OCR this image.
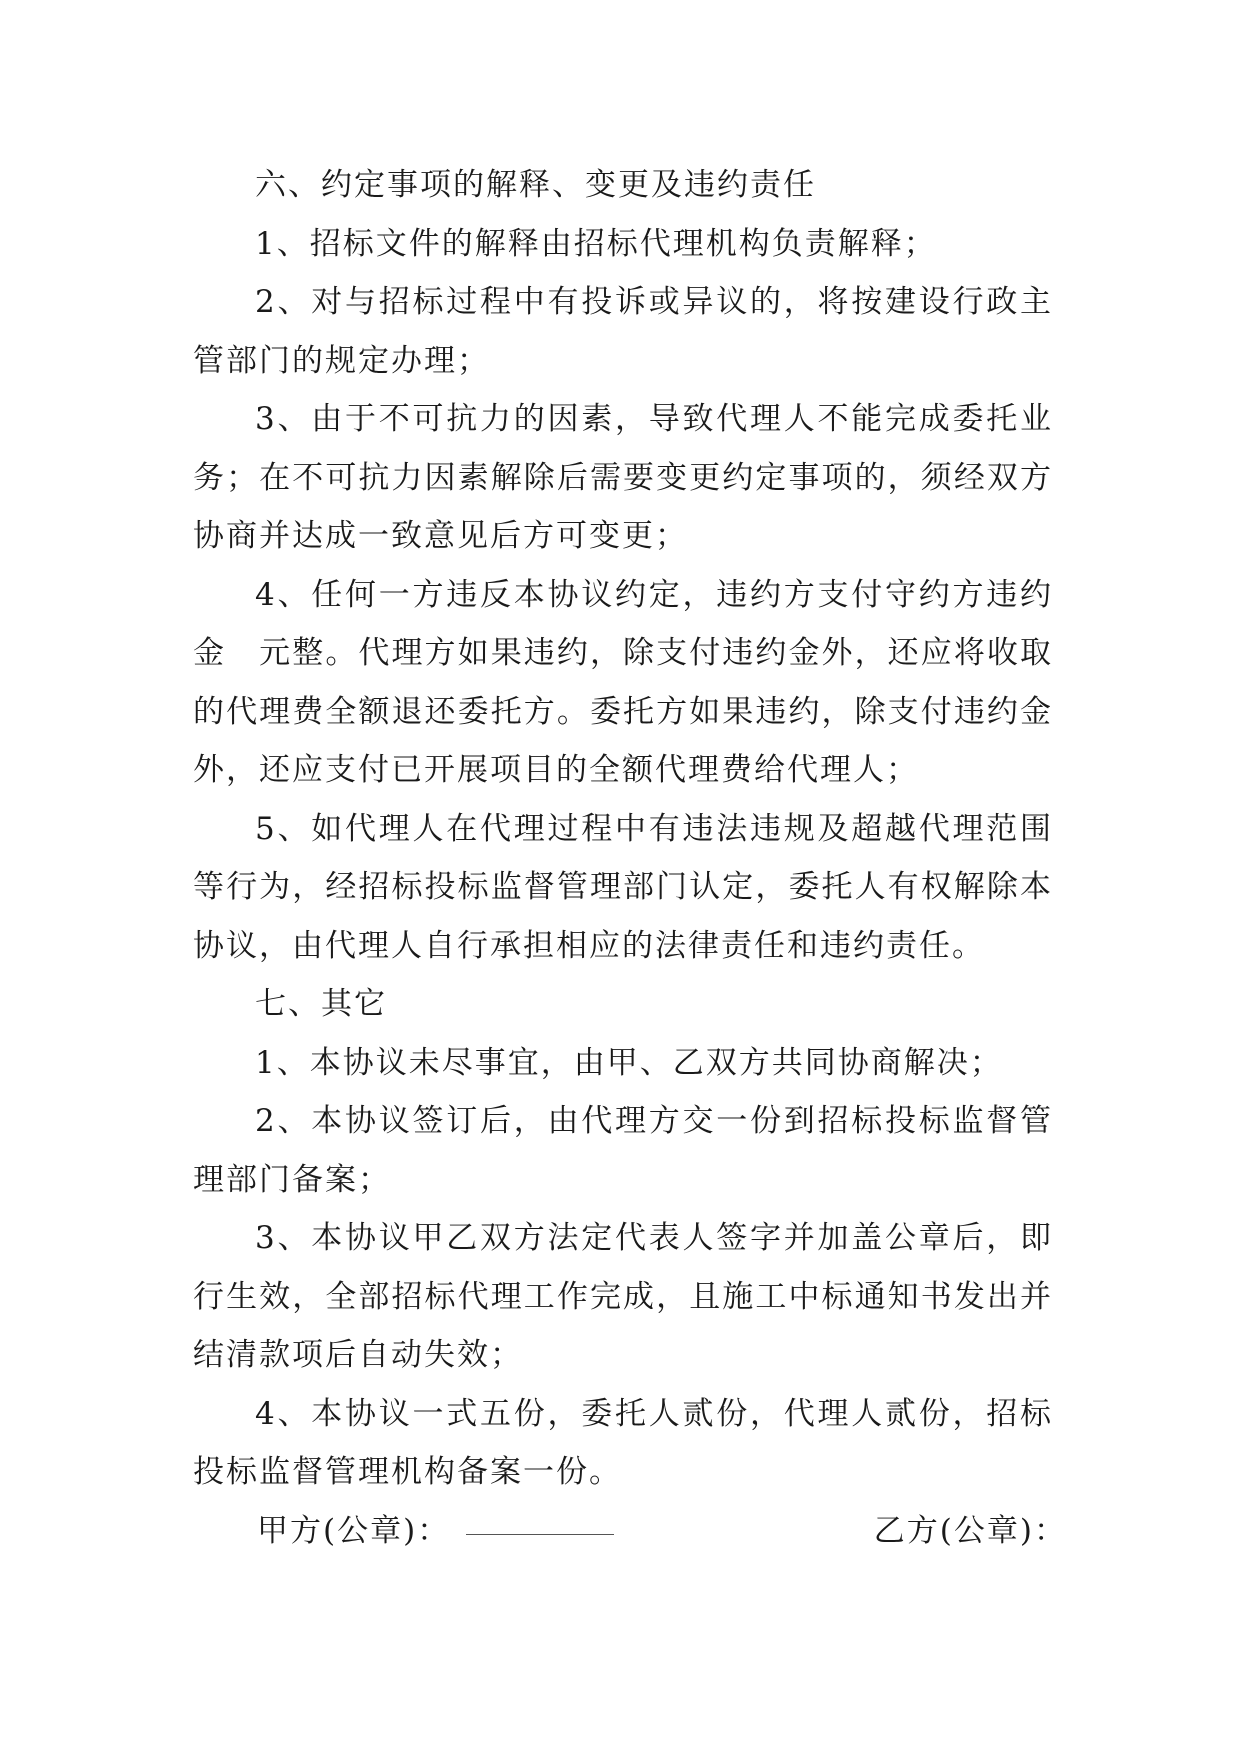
六、约定事项的解释、变更及违约责任

1、招标文件的解释由招标代理机构负责解释；

2、对与招标过程中有投诉或异议的，将按建设行政主管部门的规定办理；

3、由于不可抗力的因素，导致代理人不能完成委托业务；在不可抗力因素解除后需要变更约定事项的，须经双方协商并达成一致意见后方可变更；

4、任何一方违反本协议约定，违约方支付守约方违约金　元整。代理方如果违约，除支付违约金外，还应将收取的代理费全额退还委托方。委托方如果违约，除支付违约金外，还应支付已开展项目的全额代理费给代理人；

5、如代理人在代理过程中有违法违规及超越代理范围等行为，经招标投标监督管理部门认定，委托人有权解除本协议，由代理人自行承担相应的法律责任和违约责任。

七、其它

1、本协议未尽事宜，由甲、乙双方共同协商解决；

2、本协议签订后，由代理方交一份到招标投标监督管理部门备案；

3、本协议甲乙双方法定代表人签字并加盖公章后，即行生效，全部招标代理工作完成，且施工中标通知书发出并结清款项后自动失效；

4、本协议一式五份，委托人贰份，代理人贰份，招标投标监督管理机构备案一份。

甲方(公章)：	乙方(公章)：
